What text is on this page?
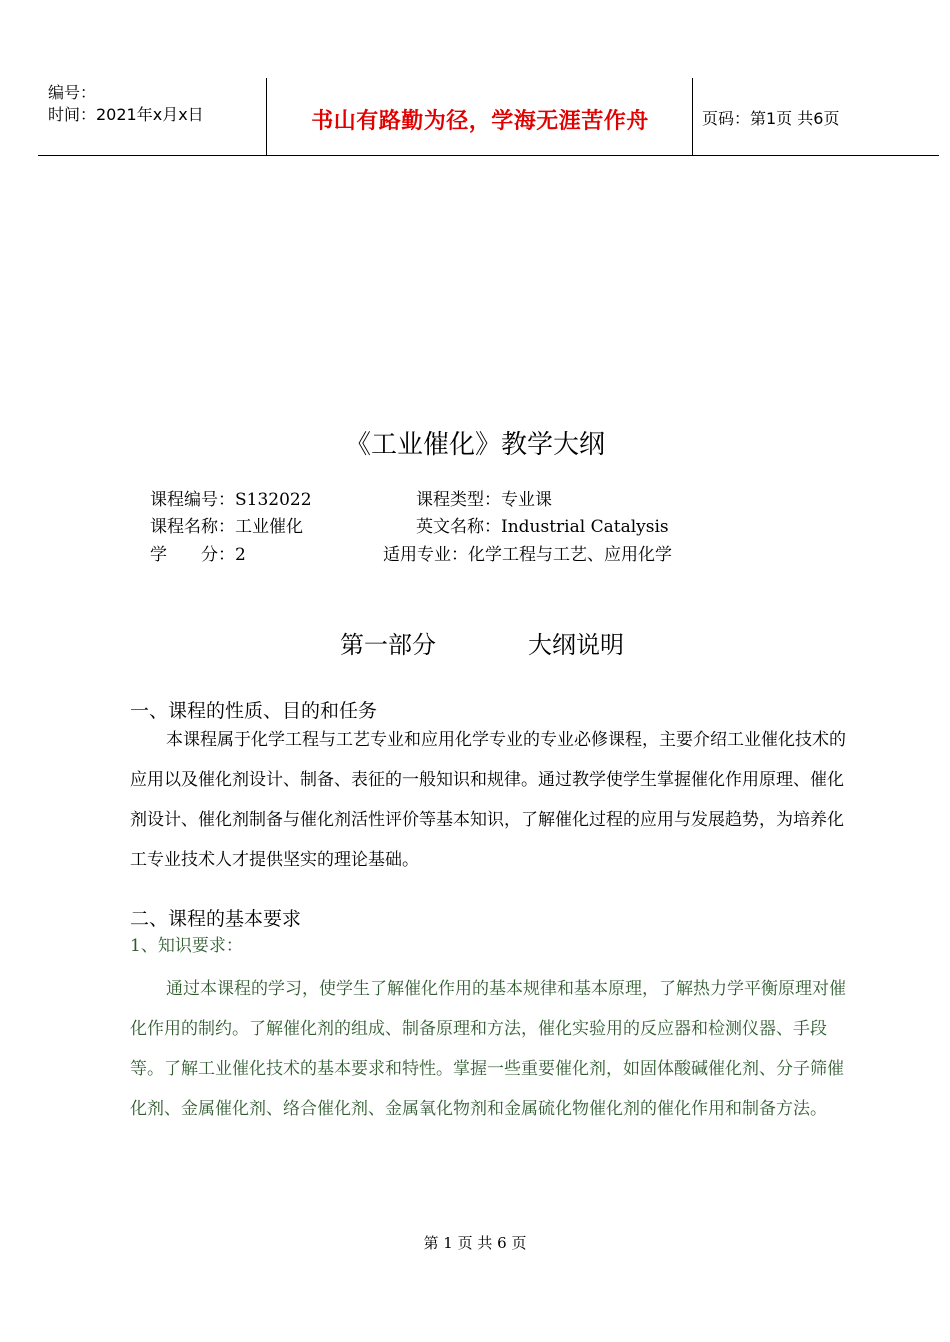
编号：
时间：2021年x月x日	书山有路勤为径，学海无涯苦作舟	页码：第1页 共6页
《工业催化》教学大纲
课程编号：S132022	课程类型：专业课
课程名称：工业催化	英文名称：Industrial Catalysis
学　　分：2	适用专业：化学工程与工艺、应用化学
第一部分	大纲说明
一、课程的性质、目的和任务

本课程属于化学工程与工艺专业和应用化学专业的专业必修课程，主要介绍工业催化技术的应用以及催化剂设计、制备、表征的一般知识和规律。通过教学使学生掌握催化作用原理、催化剂设计、催化剂制备与催化剂活性评价等基本知识，了解催化过程的应用与发展趋势，为培养化工专业技术人才提供坚实的理论基础。

二、课程的基本要求
1、知识要求：

通过本课程的学习，使学生了解催化作用的基本规律和基本原理，了解热力学平衡原理对催化作用的制约。了解催化剂的组成、制备原理和方法，催化实验用的反应器和检测仪器、手段等。了解工业催化技术的基本要求和特性。掌握一些重要催化剂，如固体酸碱催化剂、分子筛催化剂、金属催化剂、络合催化剂、金属氧化物剂和金属硫化物催化剂的催化作用和制备方法。

第 1 页 共 6 页
